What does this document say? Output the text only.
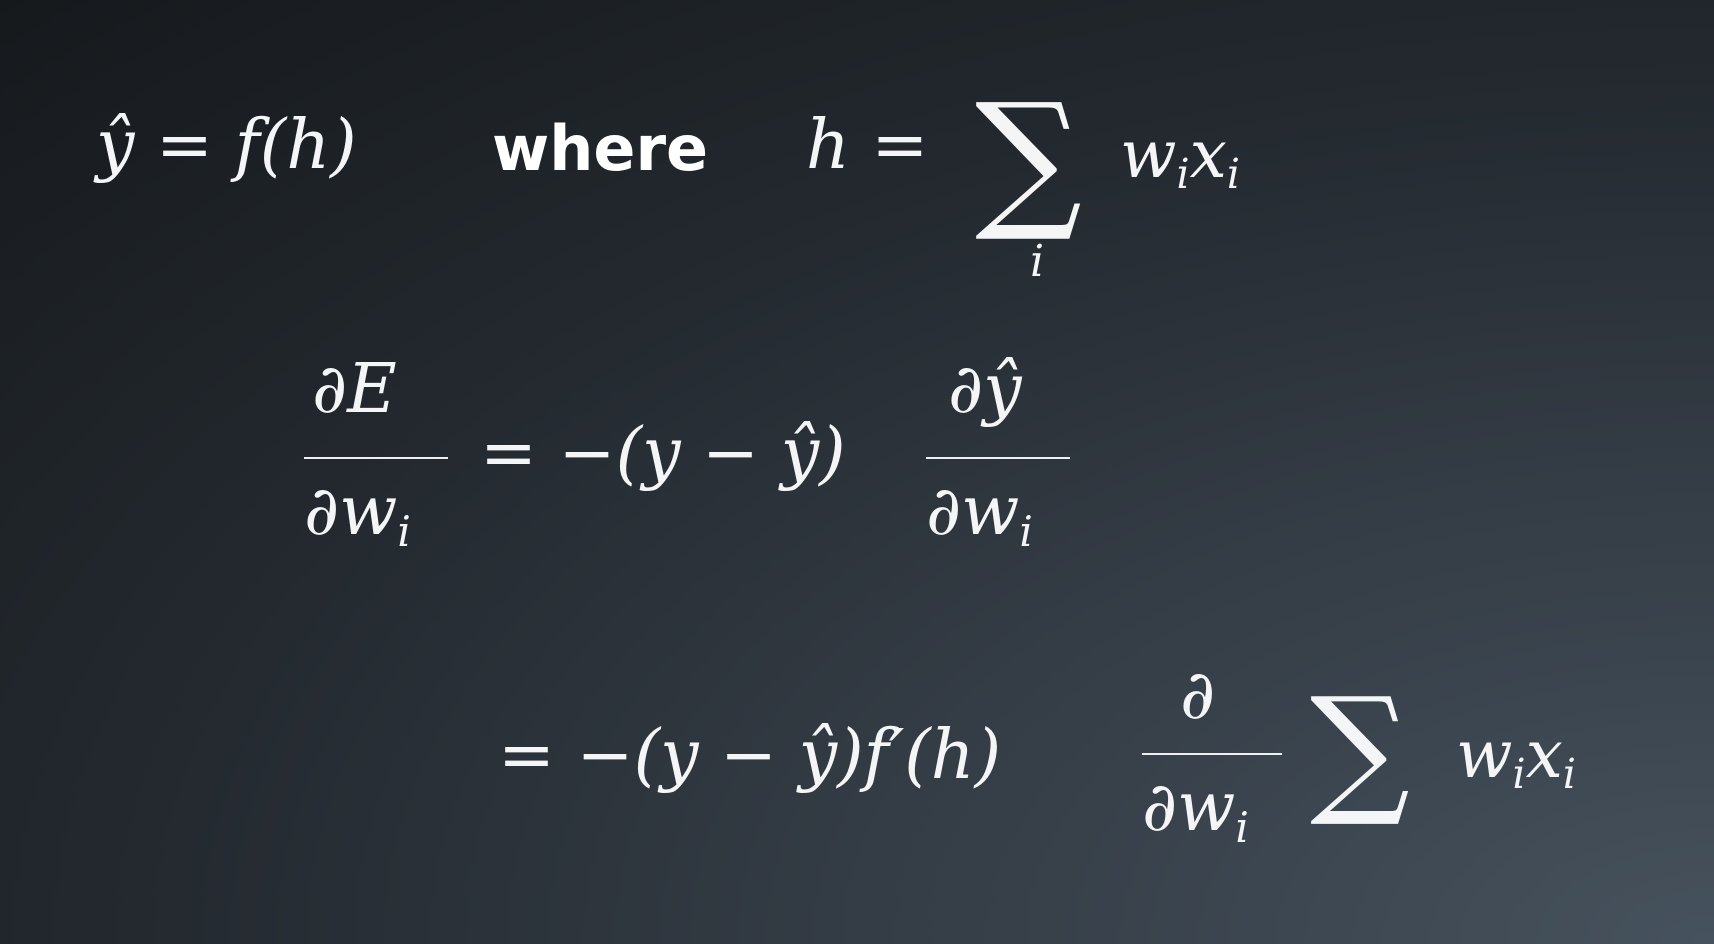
ŷ = f(h) where h = ∑
i
wixi
∂E
∂wi
= −(y − ŷ)
∂ŷ
∂wi
= −(y − ŷ)f′(h)
∂
∂wi ∑ wixi
